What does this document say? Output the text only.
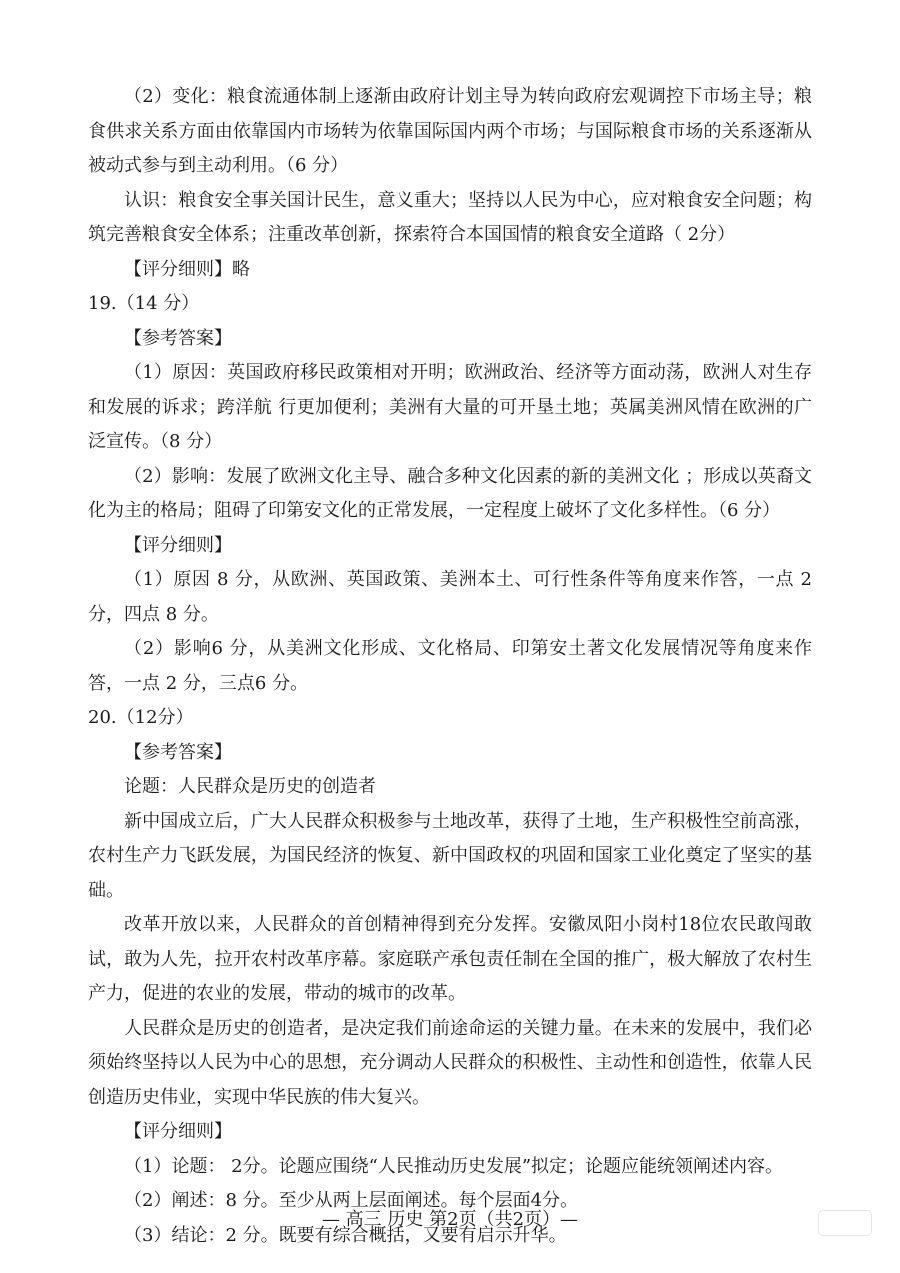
（2）变化：粮食流通体制上逐渐由政府计划主导为转向政府宏观调控下市场主导；粮食供求关系方面由依靠国内市场转为依靠国际国内两个市场；与国际粮食市场的关系逐渐从被动式参与到主动利用。（6 分）

认识：粮食安全事关国计民生，意义重大；坚持以人民为中心，应对粮食安全问题；构筑完善粮食安全体系；注重改革创新，探索符合本国国情的粮食安全道路（ 2分）

【评分细则】略

19.（14 分）

【参考答案】

（1）原因：英国政府移民政策相对开明；欧洲政治、经济等方面动荡，欧洲人对生存和发展的诉求；跨洋航 行更加便利；美洲有大量的可开垦土地；英属美洲风情在欧洲的广泛宣传。（8 分）

（2）影响：发展了欧洲文化主导、融合多种文化因素的新的美洲文化 ；形成以英裔文化为主的格局；阻碍了印第安文化的正常发展，一定程度上破坏了文化多样性。（6 分）

【评分细则】

（1）原因 8 分，从欧洲、英国政策、美洲本土、可行性条件等角度来作答，一点 2 分，四点 8 分。

（2）影响6 分，从美洲文化形成、文化格局、印第安土著文化发展情况等角度来作答，一点 2 分，三点6 分。

20.（12分）

【参考答案】

论题：人民群众是历史的创造者

新中国成立后，广大人民群众积极参与土地改革，获得了土地，生产积极性空前高涨，农村生产力飞跃发展，为国民经济的恢复、新中国政权的巩固和国家工业化奠定了坚实的基础。

改革开放以来，人民群众的首创精神得到充分发挥。安徽凤阳小岗村18位农民敢闯敢试，敢为人先，拉开农村改革序幕。家庭联产承包责任制在全国的推广，极大解放了农村生产力，促进的农业的发展，带动的城市的改革。

人民群众是历史的创造者，是决定我们前途命运的关键力量。在未来的发展中，我们必须始终坚持以人民为中心的思想，充分调动人民群众的积极性、主动性和创造性，依靠人民创造历史伟业，实现中华民族的伟大复兴。

【评分细则】

（1）论题： 2分。论题应围绕“人民推动历史发展”拟定；论题应能统领阐述内容。

（2）阐述：8 分。至少从两上层面阐述。每个层面4分。

（3）结论：2 分。既要有综合概括，又要有启示升华。

— 高三 历史 第2页（共2页）—
